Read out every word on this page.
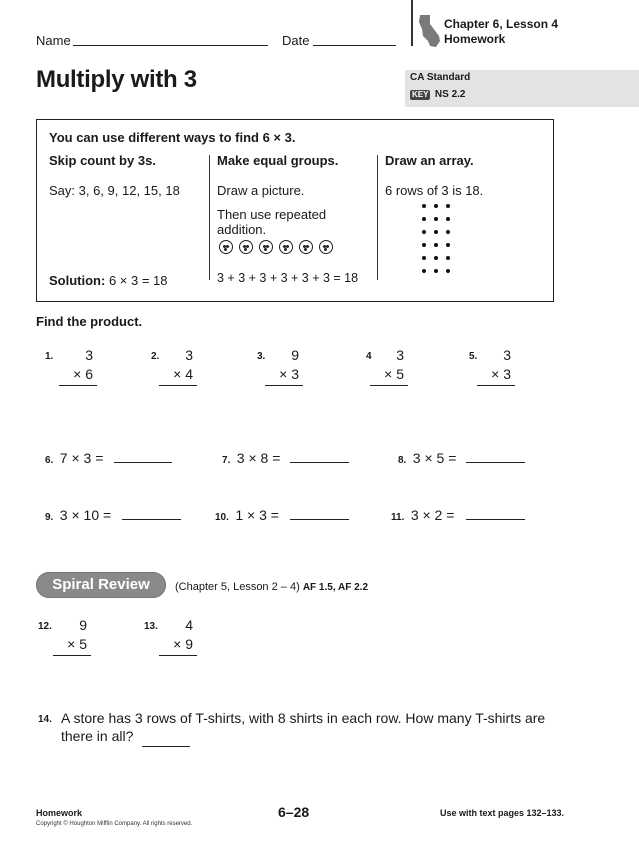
Name	Date
Chapter 6, Lesson 4
Homework
Multiply with 3	CA Standard
KEY NS 2.2
You can use different ways to find 6 × 3.
Skip count by 3s.
Say: 3, 6, 9, 12, 15, 18
Solution: 6 × 3 = 18
Make equal groups.
Draw a picture.
Then use repeated
addition.
3 + 3 + 3 + 3 + 3 + 3 = 18
Draw an array.
6 rows of 3 is 18.
Find the product.
1.	3
× 6
2.	3
× 4
3.	9
× 3
4	3
× 5
5.	3
× 3
6. 7 × 3 =	7. 3 × 8 =	8. 3 × 5 =
9. 3 × 10 =	10. 1 × 3 =	11. 3 × 2 =
Spiral Review	(Chapter 5, Lesson 2 – 4) AF 1.5, AF 2.2
12.	9
× 5
13.	4
× 9
14. A store has 3 rows of T-shirts, with 8 shirts in each row. How many T-shirts are
there in all?
Homework	6–28	Use with text pages 132–133.
Copyright © Houghton Mifflin Company. All rights reserved.
